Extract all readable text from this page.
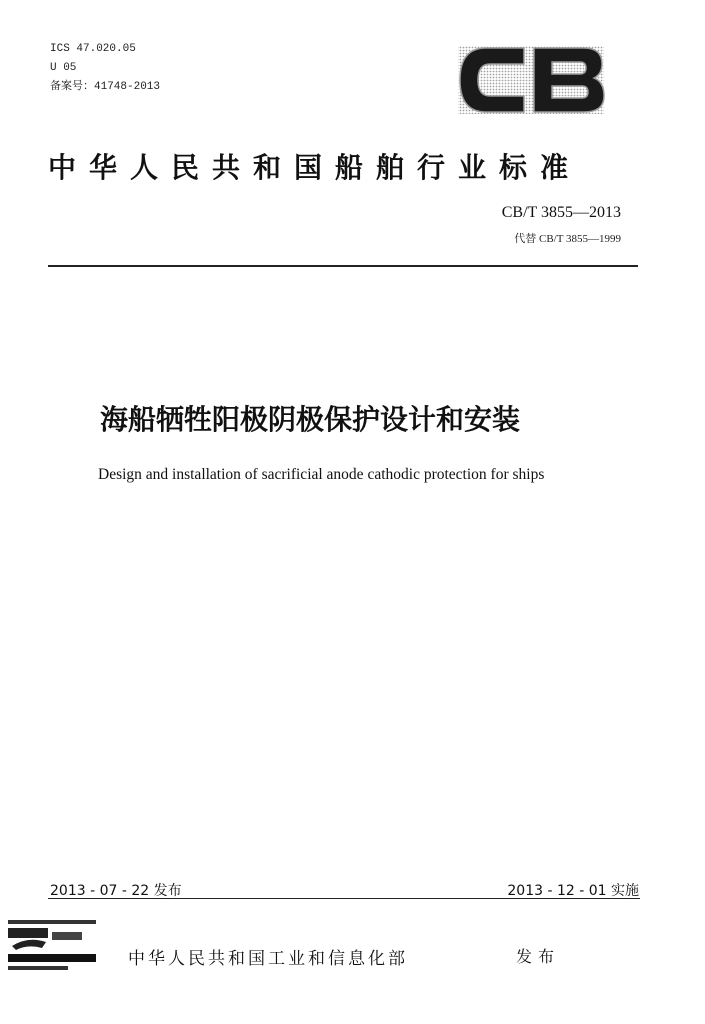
ICS 47.020.05
U 05
备案号：41748-2013
中华人民共和国船舶行业标准
CB/T 3855—2013
代替 CB/T 3855—1999
海船牺牲阳极阴极保护设计和安装
Design and installation of sacrificial anode cathodic protection for ships
2013 - 07 - 22 发布	2013 - 12 - 01 实施
中华人民共和国工业和信息化部	发布
